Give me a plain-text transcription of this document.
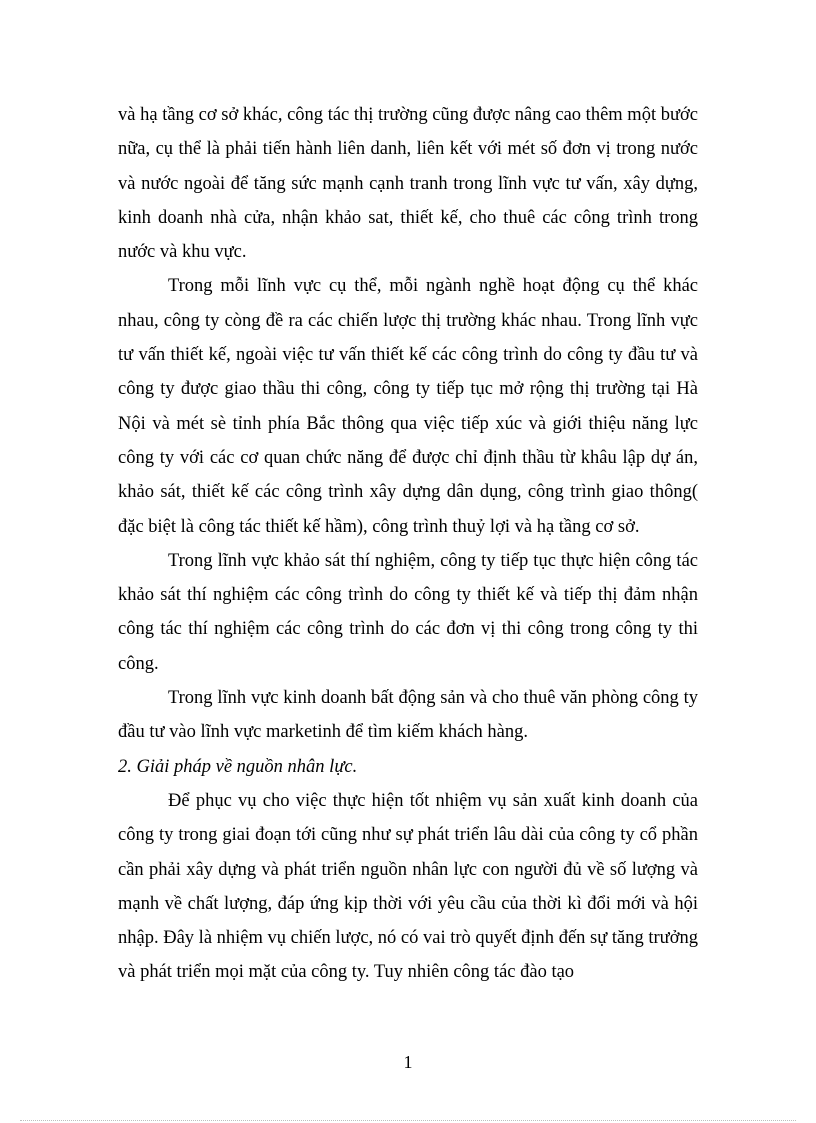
và hạ tầng cơ sở khác, công tác thị trường cũng được nâng cao thêm một bước nữa, cụ thể là phải tiến hành liên danh, liên kết với mét số đơn vị trong nước và nước ngoài để tăng sức mạnh cạnh tranh trong lĩnh vực tư vấn, xây dựng, kinh doanh nhà cửa, nhận khảo sat, thiết kế, cho thuê các công trình trong nước và khu vực.

Trong mỗi lĩnh vực cụ thể, mỗi ngành nghề hoạt động cụ thể khác nhau, công ty còng đề ra các chiến lược thị trường khác nhau. Trong lĩnh vực tư vấn thiết kế, ngoài việc tư vấn thiết kế các công trình do công ty đầu tư và công ty được giao thầu thi công, công ty tiếp tục mở rộng thị trường tại Hà Nội và mét sè tỉnh phía Bắc thông qua việc tiếp xúc và giới thiệu năng lực công ty với các cơ quan chức năng để được chỉ định thầu từ khâu lập dự án, khảo sát, thiết kế các công trình xây dựng dân dụng, công trình giao thông( đặc biệt là công tác thiết kế hầm), công trình thuỷ lợi và hạ tầng cơ sở.

Trong lĩnh vực khảo sát thí nghiệm, công ty tiếp tục thực hiện công tác khảo sát thí nghiệm các công trình do công ty thiết kế và tiếp thị đảm nhận công tác thí nghiệm các công trình do các đơn vị thi công trong công ty thi công.

Trong lĩnh vực kinh doanh bất động sản và cho thuê văn phòng công ty đầu tư vào lĩnh vực marketinh để tìm kiếm khách hàng.

2. Giải pháp về nguồn nhân lực.

Để phục vụ cho việc thực hiện tốt nhiệm vụ sản xuất kinh doanh của công ty trong giai đoạn tới cũng như sự phát triển lâu dài của công ty cổ phần cần phải xây dựng và phát triển nguồn nhân lực con người đủ về số lượng và mạnh về chất lượng, đáp ứng kịp thời với yêu cầu của thời kì đổi mới và hội nhập. Đây là nhiệm vụ chiến lược, nó có vai trò quyết định đến sự tăng trưởng và phát triển mọi mặt của công ty. Tuy nhiên công tác đào tạo

1
